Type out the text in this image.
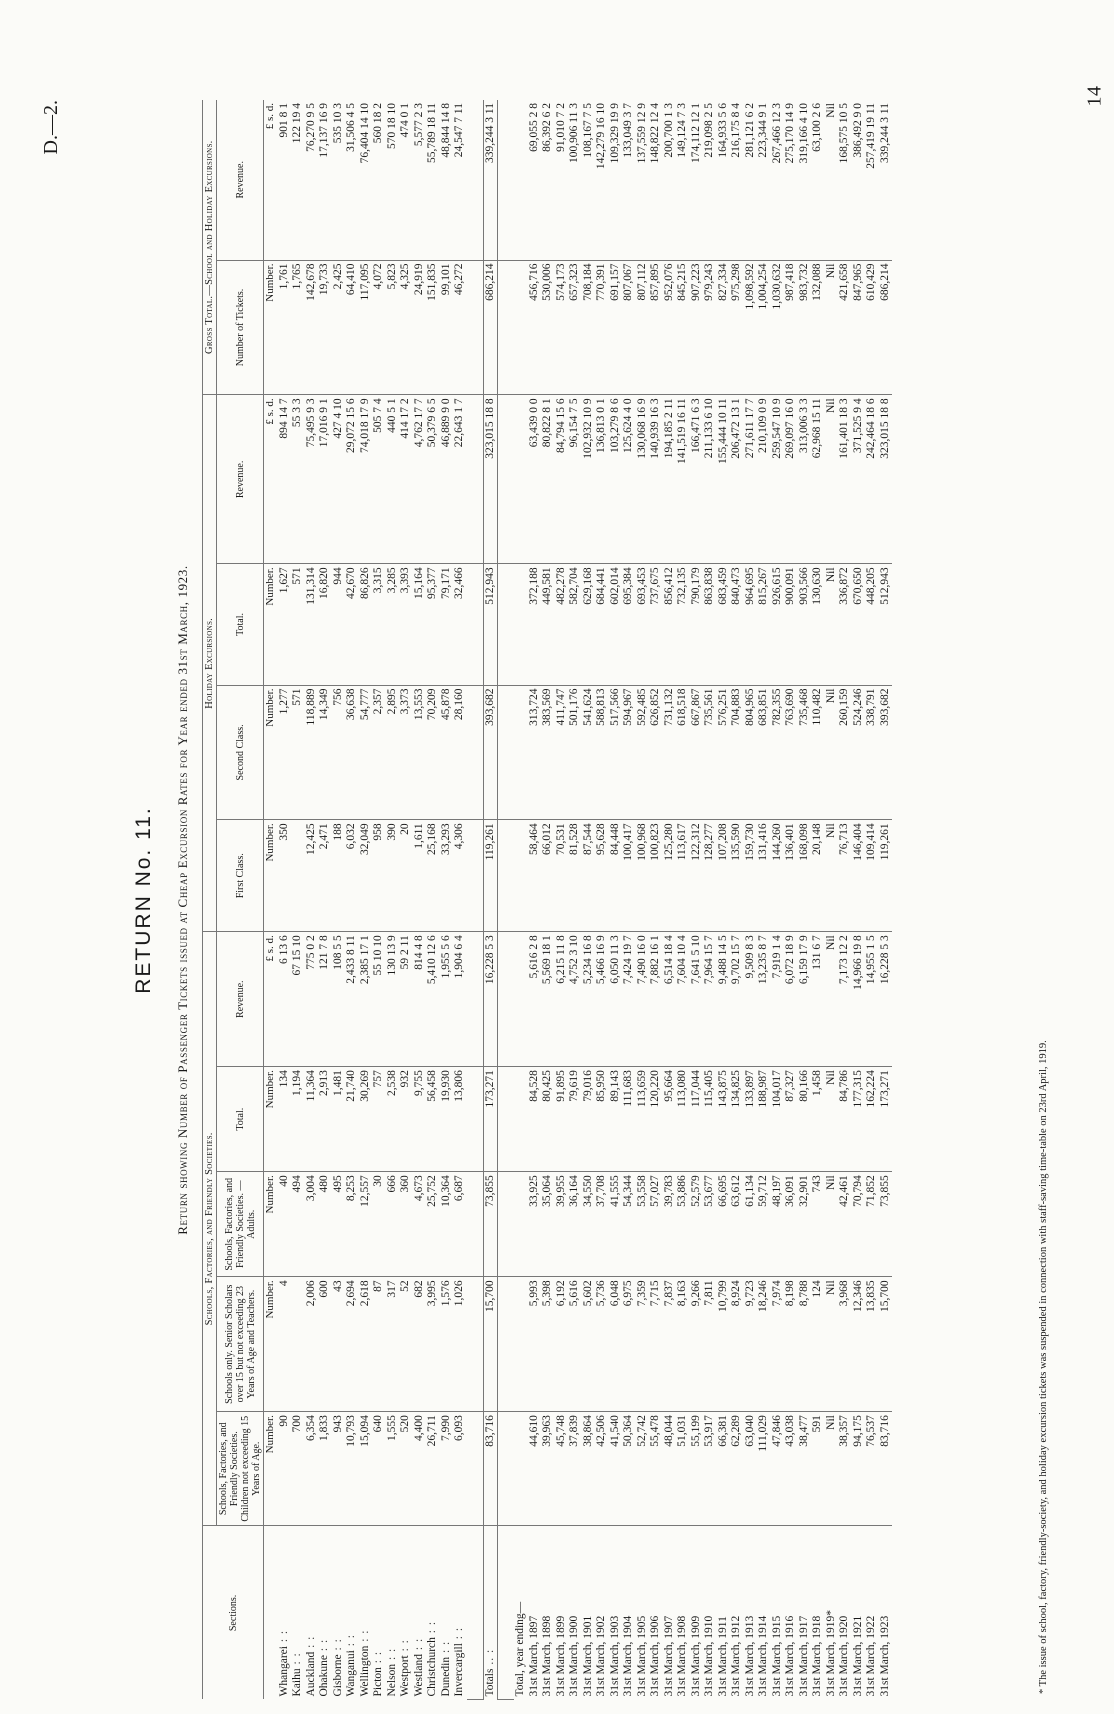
14
D.—2.
RETURN No. 11. Return showing Number of Passenger Tickets issued at Cheap Excursion Rates for Year ended 31st March, 1923.
Sections.	Schools, Factories, and Friendly Societies.					Holiday Excursions.				Gross Total.—School and Holiday Excursions.	
	Schools, Factories, and Friendly Societies. Children not exceeding 15 Years of Age.	Schools only. Senior Scholars over 15 but not exceeding 23 Years of Age and Teachers.	Schools, Factories, and Friendly Societies. — Adults.	Total.	Revenue.	First Class.	Second Class.	Total.	Revenue.	Number of Tickets.	Revenue.
	Number.	Number.	Number.	Number.	£ s. d.	Number.	Number.	Number.	£ s. d.	Number.	£ s. d.
Whangarei : :	90	4	40	134	6 13 6	350	1,277	1,627	894 14 7	1,761	901 8 1
Kaihu : :	700		494	1,194	67 15 10		571	571	55 3 3	1,765	122 19 4
Auckland : :	6,354	2,006	3,004	11,364	775 0 2	12,425	118,889	131,314	75,495 9 3	142,678	76,270 9 5
Ohakune : :	1,833	600	480	2,913	121 7 8	2,471	14,349	16,820	17,016 9 1	19,733	17,137 16 9
Gisborne : :	943	43	495	1,481	108 5 5	188	756	944	427 4 10	2,425	535 10 3
Wanganui : :	10,793	2,694	8,253	21,740	2,433 8 11	6,032	36,638	42,670	29,072 15 6	64,410	31,506 4 5
Wellington : :	15,094	2,618	12,557	30,269	2,385 17 1	32,049	54,777	86,826	74,018 17 9	117,095	76,404 14 10
Picton : :	640	87	30	757	55 10 10	958	2,357	3,315	505 7 4	4,072	560 18 2
Nelson : :	1,555	317	666	2,538	130 13 9	390	2,895	3,285	440 5 1	5,823	570 18 10
Westport : :	520	52	360	932	59 2 11	20	3,373	3,393	414 17 2	4,325	474 0 1
Westland : :	4,400	682	4,673	9,755	814 4 8	1,611	13,553	15,164	4,762 17 7	24,919	5,577 2 3
Christchurch : :	26,711	3,995	25,752	56,458	5,410 12 6	25,168	70,209	95,377	50,379 6 5	151,835	55,789 18 11
Dunedin : :	7,990	1,576	10,364	19,930	1,955 5 6	33,293	45,878	79,171	46,889 9 0	99,101	48,844 14 8
Invercargill : :	6,093	1,026	6,687	13,806	1,904 6 4	4,306	28,160	32,466	22,643 1 7	46,272	24,547 7 11

Totals .. :	83,716	15,700	73,855	173,271	16,228 5 3	119,261	393,682	512,943	323,015 18 8	686,214	339,244 3 11

Total, year ending—											
31st March, 1897	44,610	5,993	33,925	84,528	5,616 2 8	58,464	313,724	372,188	63,439 0 0	456,716	69,055 2 8
31st March, 1898	39,963	5,398	35,064	80,425	5,569 18 1	66,012	383,569	449,581	80,822 8 1	530,006	86,392 6 2
31st March, 1899	45,748	6,192	39,955	91,895	6,215 11 8	70,531	411,747	482,278	84,794 15 6	574,173	91,010 7 2
31st March, 1900	37,839	5,616	36,164	79,619	4,752 3 10	81,528	501,176	582,704	96,154 7 5	657,323	100,906 11 3
31st March, 1901	38,864	5,602	34,550	79,016	5,234 16 8	87,544	541,624	629,168	102,932 10 9	708,184	108,167 7 5
31st March, 1902	42,506	5,736	37,708	85,950	5,466 16 9	95,628	588,813	684,441	136,813 0 1	770,391	142,279 16 10
31st March, 1903	41,540	6,048	41,555	89,143	6,050 11 3	84,448	517,566	602,014	103,279 8 6	691,157	109,329 19 9
31st March, 1904	50,364	6,975	54,344	111,683	7,424 19 7	100,417	594,967	695,384	125,624 4 0	807,067	133,049 3 7
31st March, 1905	52,742	7,359	53,558	113,659	7,490 16 0	100,968	592,485	693,453	130,068 16 9	807,112	137,559 12 9
31st March, 1906	55,478	7,715	57,027	120,220	7,882 16 1	100,823	626,852	737,675	140,939 16 3	857,895	148,822 12 4
31st March, 1907	48,044	7,837	39,783	95,664	6,514 18 4	125,280	731,132	856,412	194,185 2 11	952,076	200,700 1 3
31st March, 1908	51,031	8,163	53,886	113,080	7,604 10 4	113,617	618,518	732,135	141,519 16 11	845,215	149,124 7 3
31st March, 1909	55,199	9,266	52,579	117,044	7,641 5 10	122,312	667,867	790,179	166,471 6 3	907,223	174,112 12 1
31st March, 1910	53,917	7,811	53,677	115,405	7,964 15 7	128,277	735,561	863,838	211,133 6 10	979,243	219,098 2 5
31st March, 1911	66,381	10,799	66,695	143,875	9,488 14 5	107,208	576,251	683,459	155,444 10 11	827,334	164,933 5 6
31st March, 1912	62,289	8,924	63,612	134,825	9,702 15 7	135,590	704,883	840,473	206,472 13 1	975,298	216,175 8 4
31st March, 1913	63,040	9,723	61,134	133,897	9,509 8 3	159,730	804,965	964,695	271,611 17 7	1,098,592	281,121 6 2
31st March, 1914	111,029	18,246	59,712	188,987	13,235 8 7	131,416	683,851	815,267	210,109 0 9	1,004,254	223,344 9 1
31st March, 1915	47,846	7,974	48,197	104,017	7,919 1 4	144,260	782,355	926,615	259,547 10 9	1,030,632	267,466 12 3
31st March, 1916	43,038	8,198	36,091	87,327	6,072 18 9	136,401	763,690	900,091	269,097 16 0	987,418	275,170 14 9
31st March, 1917	38,477	8,788	32,901	80,166	6,159 17 9	168,098	735,468	903,566	313,006 3 3	983,732	319,166 4 10
31st March, 1918	591	124	743	1,458	131 6 7	20,148	110,482	130,630	62,968 15 11	132,088	63,100 2 6
31st March, 1919*	Nil	Nil	Nil	Nil	Nil	Nil	Nil	Nil	Nil	Nil	Nil
31st March, 1920	38,357	3,968	42,461	84,786	7,173 12 2	76,713	260,159	336,872	161,401 18 3	421,658	168,575 10 5
31st March, 1921	94,175	12,346	70,794	177,315	14,966 19 8	146,404	524,246	670,650	371,525 9 4	847,965	386,492 9 0
31st March, 1922	76,537	13,835	71,852	162,224	14,955 1 5	109,414	338,791	448,205	242,464 18 6	610,429	257,419 19 11
31st March, 1923	83,716	15,700	73,855	173,271	16,228 5 3	119,261	393,682	512,943	323,015 18 8	686,214	339,244 3 11
* The issue of school, factory, friendly-society, and holiday excursion tickets was suspended in connection with staff-saving time-table on 23rd April, 1919.
